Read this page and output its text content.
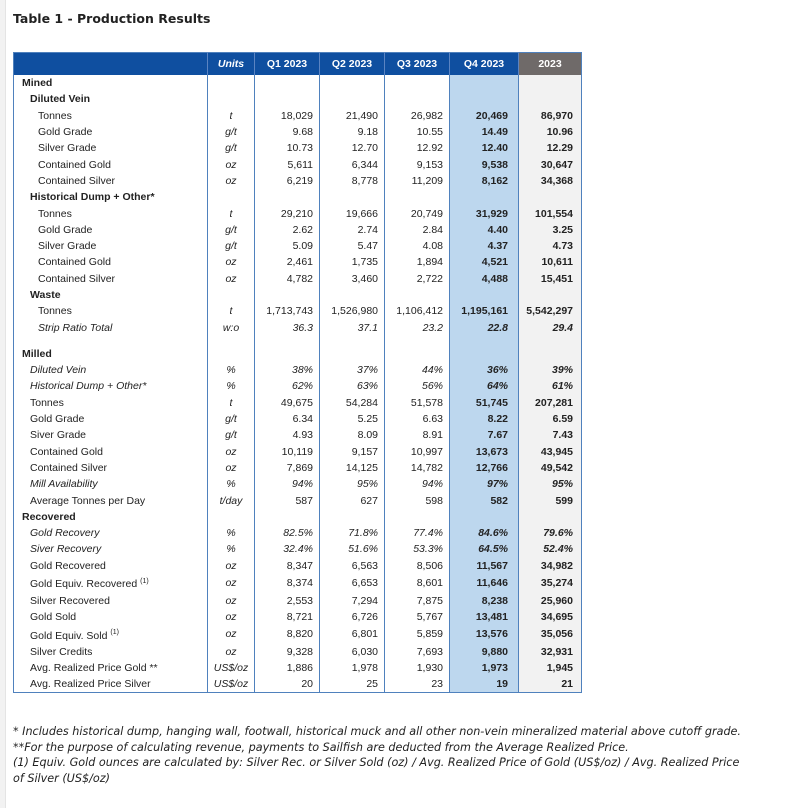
Table 1 - Production Results
	Units	Q1 2023	Q2 2023	Q3 2023	Q4 2023	2023
Mined						
Diluted Vein						
Tonnes	t	18,029	21,490	26,982	20,469	86,970
Gold Grade	g/t	9.68	9.18	10.55	14.49	10.96
Silver Grade	g/t	10.73	12.70	12.92	12.40	12.29
Contained Gold	oz	5,611	6,344	9,153	9,538	30,647
Contained Silver	oz	6,219	8,778	11,209	8,162	34,368
Historical Dump + Other*						
Tonnes	t	29,210	19,666	20,749	31,929	101,554
Gold Grade	g/t	2.62	2.74	2.84	4.40	3.25
Silver Grade	g/t	5.09	5.47	4.08	4.37	4.73
Contained Gold	oz	2,461	1,735	1,894	4,521	10,611
Contained Silver	oz	4,782	3,460	2,722	4,488	15,451
Waste						
Tonnes	t	1,713,743	1,526,980	1,106,412	1,195,161	5,542,297
Strip Ratio Total	w:o	36.3	37.1	23.2	22.8	29.4

Milled						
Diluted Vein	%	38%	37%	44%	36%	39%
Historical Dump + Other*	%	62%	63%	56%	64%	61%
Tonnes	t	49,675	54,284	51,578	51,745	207,281
Gold Grade	g/t	6.34	5.25	6.63	8.22	6.59
Siver Grade	g/t	4.93	8.09	8.91	7.67	7.43
Contained Gold	oz	10,119	9,157	10,997	13,673	43,945
Contained Silver	oz	7,869	14,125	14,782	12,766	49,542
Mill Availability	%	94%	95%	94%	97%	95%
Average Tonnes per Day	t/day	587	627	598	582	599
Recovered						
Gold Recovery	%	82.5%	71.8%	77.4%	84.6%	79.6%
Siver Recovery	%	32.4%	51.6%	53.3%	64.5%	52.4%
Gold Recovered	oz	8,347	6,563	8,506	11,567	34,982
Gold Equiv. Recovered $^{(1)}$	oz	8,374	6,653	8,601	11,646	35,274
Silver Recovered	oz	2,553	7,294	7,875	8,238	25,960
Gold Sold	oz	8,721	6,726	5,767	13,481	34,695
Gold Equiv. Sold $^{(1)}$	oz	8,820	6,801	5,859	13,576	35,056
Silver Credits	oz	9,328	6,030	7,693	9,880	32,931
Avg. Realized Price Gold **	US$/oz	1,886	1,978	1,930	1,973	1,945
Avg. Realized Price Silver	US$/oz	20	25	23	19	21

* Includes historical dump, hanging wall, footwall, historical muck and all other non-vein mineralized material above cutoff grade.

**For the purpose of calculating revenue, payments to Sailfish are deducted from the Average Realized Price.

(1) Equiv. Gold ounces are calculated by: Silver Rec. or Silver Sold (oz) / Avg. Realized Price of Gold (US$/oz) / Avg. Realized Price of Silver (US$/oz)
